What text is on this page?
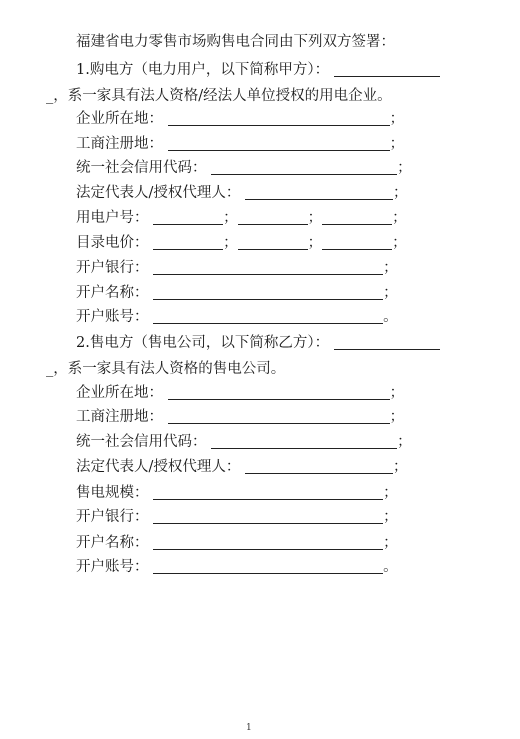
福建省电力零售市场购售电合同由下列双方签署：
1.购电方（电力用户，以下简称甲方）：
_，系一家具有法人资格/经法人单位授权的用电企业。
企业所在地：	；
工商注册地：	；
统一社会信用代码：	；
法定代表人/授权代理人：	；
用电户号：	；	；	；
目录电价：	；	；	；
开户银行：	；
开户名称：	；
开户账号：	。
2.售电方（售电公司，以下简称乙方）：
_，系一家具有法人资格的售电公司。
企业所在地：	；
工商注册地：	；
统一社会信用代码：	；
法定代表人/授权代理人：	；
售电规模：	；
开户银行：	；
开户名称：	；
开户账号：	。
1
